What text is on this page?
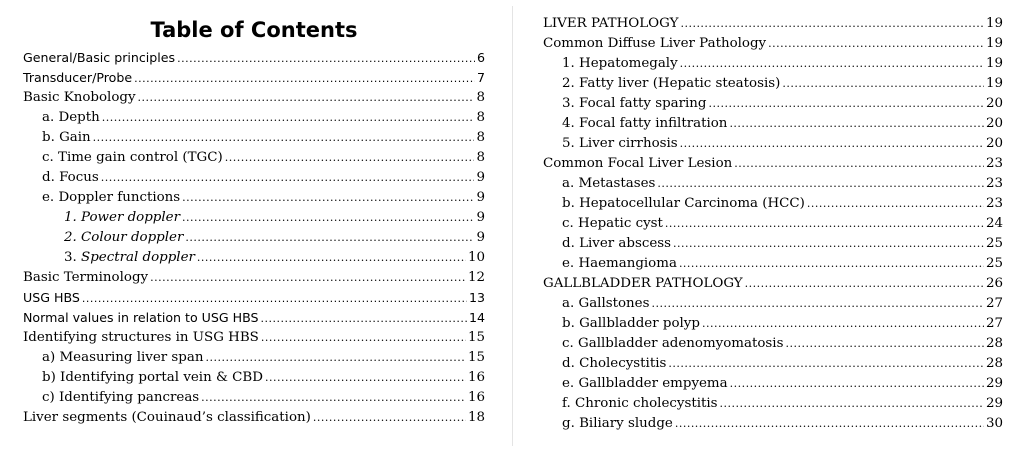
Table of Contents
General/Basic principles .....	6
Transducer/Probe .....	7
Basic Knobology .....	8
a. Depth .....	8
b. Gain .....	8
c. Time gain control (TGC) .....	8
d. Focus .....	9
e. Doppler functions .....	9
1. Power doppler .....	9
2. Colour doppler .....	9
3. Spectral doppler .....	10
Basic Terminology .....	12
USG HBS .....	13
Normal values in relation to USG HBS .....	14
Identifying structures in USG HBS .....	15
a) Measuring liver span .....	15
b) Identifying portal vein & CBD .....	16
c) Identifying pancreas .....	16
Liver segments (Couinaud’s classification) .....	18
LIVER PATHOLOGY .....	19
Common Diffuse Liver Pathology .....	19
1. Hepatomegaly .....	19
2. Fatty liver (Hepatic steatosis) .....	19
3. Focal fatty sparing .....	20
4. Focal fatty infiltration .....	20
5. Liver cirrhosis .....	20
Common Focal Liver Lesion .....	23
a. Metastases .....	23
b. Hepatocellular Carcinoma (HCC) .....	23
c. Hepatic cyst .....	24
d. Liver abscess .....	25
e. Haemangioma .....	25
GALLBLADDER PATHOLOGY .....	26
a. Gallstones .....	27
b. Gallbladder polyp .....	27
c. Gallbladder adenomyomatosis .....	28
d. Cholecystitis .....	28
e. Gallbladder empyema .....	29
f. Chronic cholecystitis .....	29
g. Biliary sludge .....	30
